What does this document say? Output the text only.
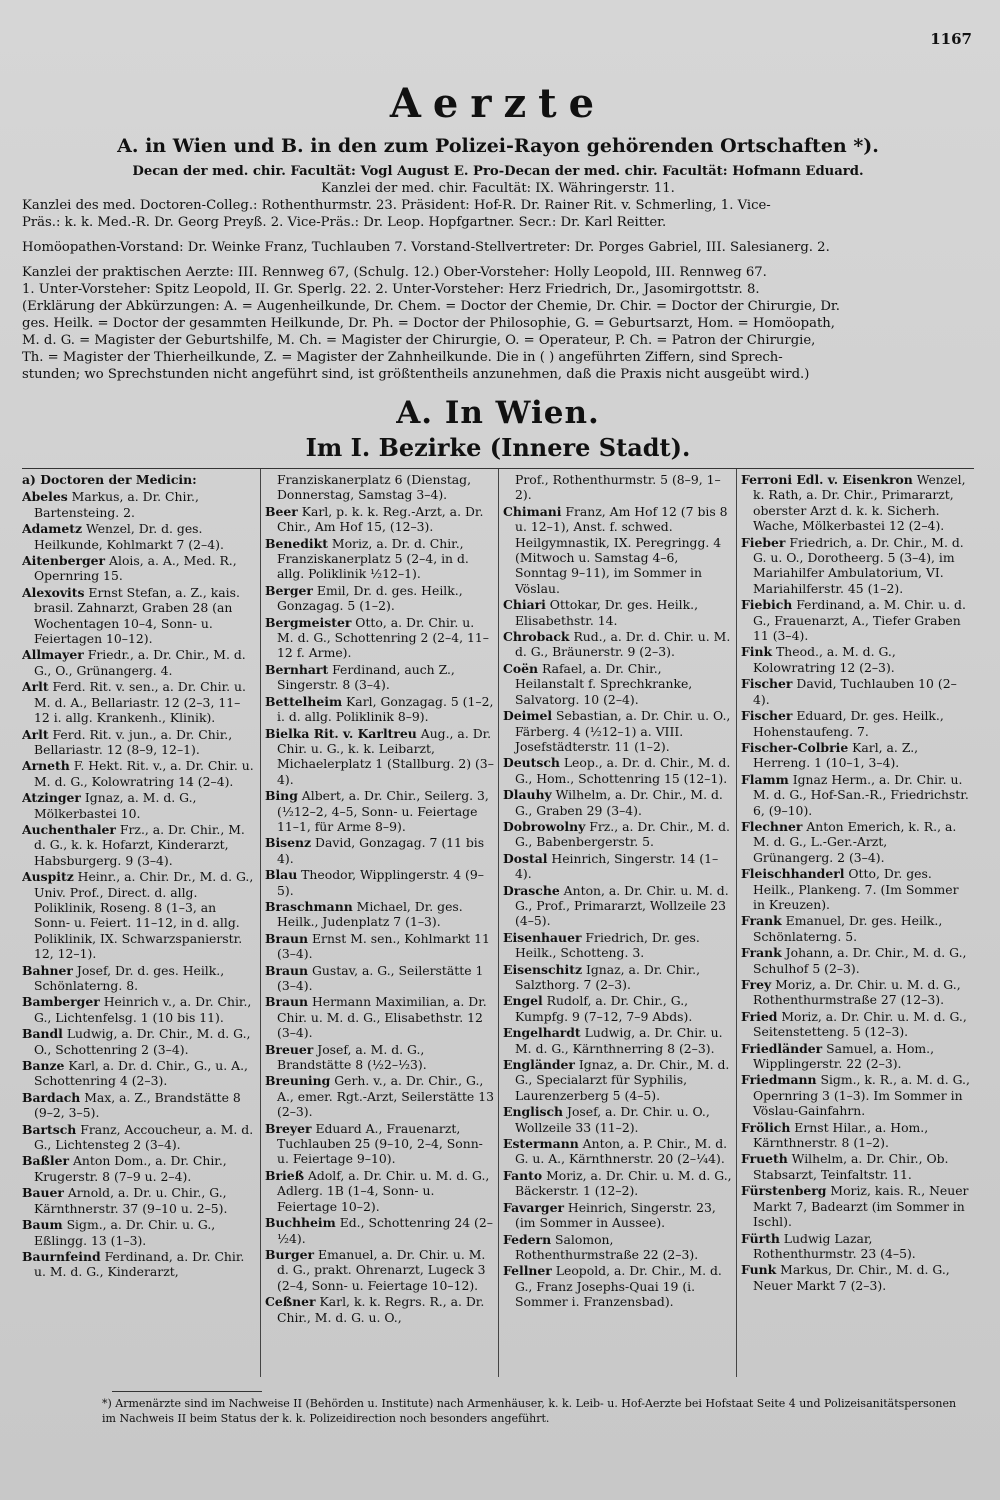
1167
Aerzte
A. in Wien und B. in den zum Polizei-Rayon gehörenden Ortschaften *).

Decan der med. chir. Facultät: Vogl August E. Pro-Decan der med. chir. Facultät: Hofmann Eduard.

Kanzlei der med. chir. Facultät: IX. Währingerstr. 11.

Kanzlei des med. Doctoren-Colleg.: Rothenthurmstr. 23. Präsident: Hof-R. Dr. Rainer Rit. v. Schmerling, 1. Vice-

Präs.: k. k. Med.-R. Dr. Georg Preyß. 2. Vice-Präs.: Dr. Leop. Hopfgartner. Secr.: Dr. Karl Reitter.

Homöopathen-Vorstand: Dr. Weinke Franz, Tuchlauben 7. Vorstand-Stellvertreter: Dr. Porges Gabriel, III. Salesianerg. 2.

Kanzlei der praktischen Aerzte: III. Rennweg 67, (Schulg. 12.) Ober-Vorsteher: Holly Leopold, III. Rennweg 67.

1. Unter-Vorsteher: Spitz Leopold, II. Gr. Sperlg. 22. 2. Unter-Vorsteher: Herz Friedrich, Dr., Jasomirgottstr. 8.

(Erklärung der Abkürzungen: A. = Augenheilkunde, Dr. Chem. = Doctor der Chemie, Dr. Chir. = Doctor der Chirurgie, Dr.

ges. Heilk. = Doctor der gesammten Heilkunde, Dr. Ph. = Doctor der Philosophie, G. = Geburtsarzt, Hom. = Homöopath,

M. d. G. = Magister der Geburtshilfe, M. Ch. = Magister der Chirurgie, O. = Operateur, P. Ch. = Patron der Chirurgie,

Th. = Magister der Thierheilkunde, Z. = Magister der Zahnheilkunde. Die in ( ) angeführten Ziffern, sind Sprech-

stunden; wo Sprechstunden nicht angeführt sind, ist größtentheils anzunehmen, daß die Praxis nicht ausgeübt wird.)

A. In Wien.
Im I. Bezirke (Innere Stadt).

a) Doctoren der Medicin:

Abeles Markus, a. Dr. Chir., Bartensteing. 2.

Adametz Wenzel, Dr. d. ges. Heilkunde, Kohlmarkt 7 (2–4).

Aitenberger Alois, a. A., Med. R., Opernring 15.

Alexovits Ernst Stefan, a. Z., kais. brasil. Zahnarzt, Graben 28 (an Wochentagen 10–4, Sonn- u. Feiertagen 10–12).

Allmayer Friedr., a. Dr. Chir., M. d. G., O., Grünangerg. 4.

Arlt Ferd. Rit. v. sen., a. Dr. Chir. u. M. d. A., Bellariastr. 12 (2–3, 11–12 i. allg. Krankenh., Klinik).

Arlt Ferd. Rit. v. jun., a. Dr. Chir., Bellariastr. 12 (8–9, 12–1).

Arneth F. Hekt. Rit. v., a. Dr. Chir. u. M. d. G., Kolowratring 14 (2–4).

Atzinger Ignaz, a. M. d. G., Mölkerbastei 10.

Auchenthaler Frz., a. Dr. Chir., M. d. G., k. k. Hofarzt, Kinderarzt, Habsburgerg. 9 (3–4).

Auspitz Heinr., a. Chir. Dr., M. d. G., Univ. Prof., Direct. d. allg. Poliklinik, Roseng. 8 (1–3, an Sonn- u. Feiert. 11–12, in d. allg. Poliklinik, IX. Schwarzspanierstr. 12, 12–1).

Bahner Josef, Dr. d. ges. Heilk., Schönlaterng. 8.

Bamberger Heinrich v., a. Dr. Chir., G., Lichtenfelsg. 1 (10 bis 11).

Bandl Ludwig, a. Dr. Chir., M. d. G., O., Schottenring 2 (3–4).

Banze Karl, a. Dr. d. Chir., G., u. A., Schottenring 4 (2–3).

Bardach Max, a. Z., Brandstätte 8 (9–2, 3–5).

Bartsch Franz, Accoucheur, a. M. d. G., Lichtensteg 2 (3–4).

Baßler Anton Dom., a. Dr. Chir., Krugerstr. 8 (7–9 u. 2–4).

Bauer Arnold, a. Dr. u. Chir., G., Kärnthnerstr. 37 (9–10 u. 2–5).

Baum Sigm., a. Dr. Chir. u. G., Eßlingg. 13 (1–3).

Baurnfeind Ferdinand, a. Dr. Chir. u. M. d. G., Kinderarzt,

Franziskanerplatz 6 (Dienstag, Donnerstag, Samstag 3–4).

Beer Karl, p. k. k. Reg.-Arzt, a. Dr. Chir., Am Hof 15, (12–3).

Benedikt Moriz, a. Dr. d. Chir., Franziskanerplatz 5 (2–4, in d. allg. Poliklinik ½12–1).

Berger Emil, Dr. d. ges. Heilk., Gonzagag. 5 (1–2).

Bergmeister Otto, a. Dr. Chir. u. M. d. G., Schottenring 2 (2–4, 11–12 f. Arme).

Bernhart Ferdinand, auch Z., Singerstr. 8 (3–4).

Bettelheim Karl, Gonzagag. 5 (1–2, i. d. allg. Poliklinik 8–9).

Bielka Rit. v. Karltreu Aug., a. Dr. Chir. u. G., k. k. Leibarzt, Michaelerplatz 1 (Stallburg. 2) (3–4).

Bing Albert, a. Dr. Chir., Seilerg. 3, (½12–2, 4–5, Sonn- u. Feiertage 11–1, für Arme 8–9).

Bisenz David, Gonzagag. 7 (11 bis 4).

Blau Theodor, Wipplingerstr. 4 (9–5).

Braschmann Michael, Dr. ges. Heilk., Judenplatz 7 (1–3).

Braun Ernst M. sen., Kohlmarkt 11 (3–4).

Braun Gustav, a. G., Seilerstätte 1 (3–4).

Braun Hermann Maximilian, a. Dr. Chir. u. M. d. G., Elisabethstr. 12 (3–4).

Breuer Josef, a. M. d. G., Brandstätte 8 (½2–½3).

Breuning Gerh. v., a. Dr. Chir., G., A., emer. Rgt.-Arzt, Seilerstätte 13 (2–3).

Breyer Eduard A., Frauenarzt, Tuchlauben 25 (9–10, 2–4, Sonn- u. Feiertage 9–10).

Brieß Adolf, a. Dr. Chir. u. M. d. G., Adlerg. 1B (1–4, Sonn- u. Feiertage 10–2).

Buchheim Ed., Schottenring 24 (2–½4).

Burger Emanuel, a. Dr. Chir. u. M. d. G., prakt. Ohrenarzt, Lugeck 3 (2–4, Sonn- u. Feiertage 10–12).

Ceßner Karl, k. k. Regrs. R., a. Dr. Chir., M. d. G. u. O.,

Prof., Rothenthurmstr. 5 (8–9, 1–2).

Chimani Franz, Am Hof 12 (7 bis 8 u. 12–1), Anst. f. schwed. Heilgymnastik, IX. Peregringg. 4 (Mitwoch u. Samstag 4–6, Sonntag 9–11), im Sommer in Vöslau.

Chiari Ottokar, Dr. ges. Heilk., Elisabethstr. 14.

Chroback Rud., a. Dr. d. Chir. u. M. d. G., Bräunerstr. 9 (2–3).

Coën Rafael, a. Dr. Chir., Heilanstalt f. Sprechkranke, Salvatorg. 10 (2–4).

Deimel Sebastian, a. Dr. Chir. u. O., Färberg. 4 (½12–1) a. VIII. Josefstädterstr. 11 (1–2).

Deutsch Leop., a. Dr. d. Chir., M. d. G., Hom., Schottenring 15 (12–1).

Dlauhy Wilhelm, a. Dr. Chir., M. d. G., Graben 29 (3–4).

Dobrowolny Frz., a. Dr. Chir., M. d. G., Babenbergerstr. 5.

Dostal Heinrich, Singerstr. 14 (1–4).

Drasche Anton, a. Dr. Chir. u. M. d. G., Prof., Primararzt, Wollzeile 23 (4–5).

Eisenhauer Friedrich, Dr. ges. Heilk., Schotteng. 3.

Eisenschitz Ignaz, a. Dr. Chir., Salzthorg. 7 (2–3).

Engel Rudolf, a. Dr. Chir., G., Kumpfg. 9 (7–12, 7–9 Abds).

Engelhardt Ludwig, a. Dr. Chir. u. M. d. G., Kärnthnerring 8 (2–3).

Engländer Ignaz, a. Dr. Chir., M. d. G., Specialarzt für Syphilis, Laurenzerberg 5 (4–5).

Englisch Josef, a. Dr. Chir. u. O., Wollzeile 33 (11–2).

Estermann Anton, a. P. Chir., M. d. G. u. A., Kärnthnerstr. 20 (2–¼4).

Fanto Moriz, a. Dr. Chir. u. M. d. G., Bäckerstr. 1 (12–2).

Favarger Heinrich, Singerstr. 23, (im Sommer in Aussee).

Federn Salomon, Rothenthurmstraße 22 (2–3).

Fellner Leopold, a. Dr. Chir., M. d. G., Franz Josephs-Quai 19 (i. Sommer i. Franzensbad).

Ferroni Edl. v. Eisenkron Wenzel, k. Rath, a. Dr. Chir., Primararzt, oberster Arzt d. k. k. Sicherh. Wache, Mölkerbastei 12 (2–4).

Fieber Friedrich, a. Dr. Chir., M. d. G. u. O., Dorotheerg. 5 (3–4), im Mariahilfer Ambulatorium, VI. Mariahilferstr. 45 (1–2).

Fiebich Ferdinand, a. M. Chir. u. d. G., Frauenarzt, A., Tiefer Graben 11 (3–4).

Fink Theod., a. M. d. G., Kolowratring 12 (2–3).

Fischer David, Tuchlauben 10 (2–4).

Fischer Eduard, Dr. ges. Heilk., Hohenstaufeng. 7.

Fischer-Colbrie Karl, a. Z., Herreng. 1 (10–1, 3–4).

Flamm Ignaz Herm., a. Dr. Chir. u. M. d. G., Hof-San.-R., Friedrichstr. 6, (9–10).

Flechner Anton Emerich, k. R., a. M. d. G., L.-Ger.-Arzt, Grünangerg. 2 (3–4).

Fleischhanderl Otto, Dr. ges. Heilk., Plankeng. 7. (Im Sommer in Kreuzen).

Frank Emanuel, Dr. ges. Heilk., Schönlaterng. 5.

Frank Johann, a. Dr. Chir., M. d. G., Schulhof 5 (2–3).

Frey Moriz, a. Dr. Chir. u. M. d. G., Rothenthurmstraße 27 (12–3).

Fried Moriz, a. Dr. Chir. u. M. d. G., Seitenstetteng. 5 (12–3).

Friedländer Samuel, a. Hom., Wipplingerstr. 22 (2–3).

Friedmann Sigm., k. R., a. M. d. G., Opernring 3 (1–3). Im Sommer in Vöslau-Gainfahrn.

Frölich Ernst Hilar., a. Hom., Kärnthnerstr. 8 (1–2).

Frueth Wilhelm, a. Dr. Chir., Ob. Stabsarzt, Teinfaltstr. 11.

Fürstenberg Moriz, kais. R., Neuer Markt 7, Badearzt (im Sommer in Ischl).

Fürth Ludwig Lazar, Rothenthurmstr. 23 (4–5).

Funk Markus, Dr. Chir., M. d. G., Neuer Markt 7 (2–3).

*) Armenärzte sind im Nachweise II (Behörden u. Institute) nach Armenhäuser, k. k. Leib- u. Hof-Aerzte bei Hofstaat Seite 4 und Polizeisanitätspersonen im Nachweis II beim Status der k. k. Polizeidirection noch besonders angeführt.
